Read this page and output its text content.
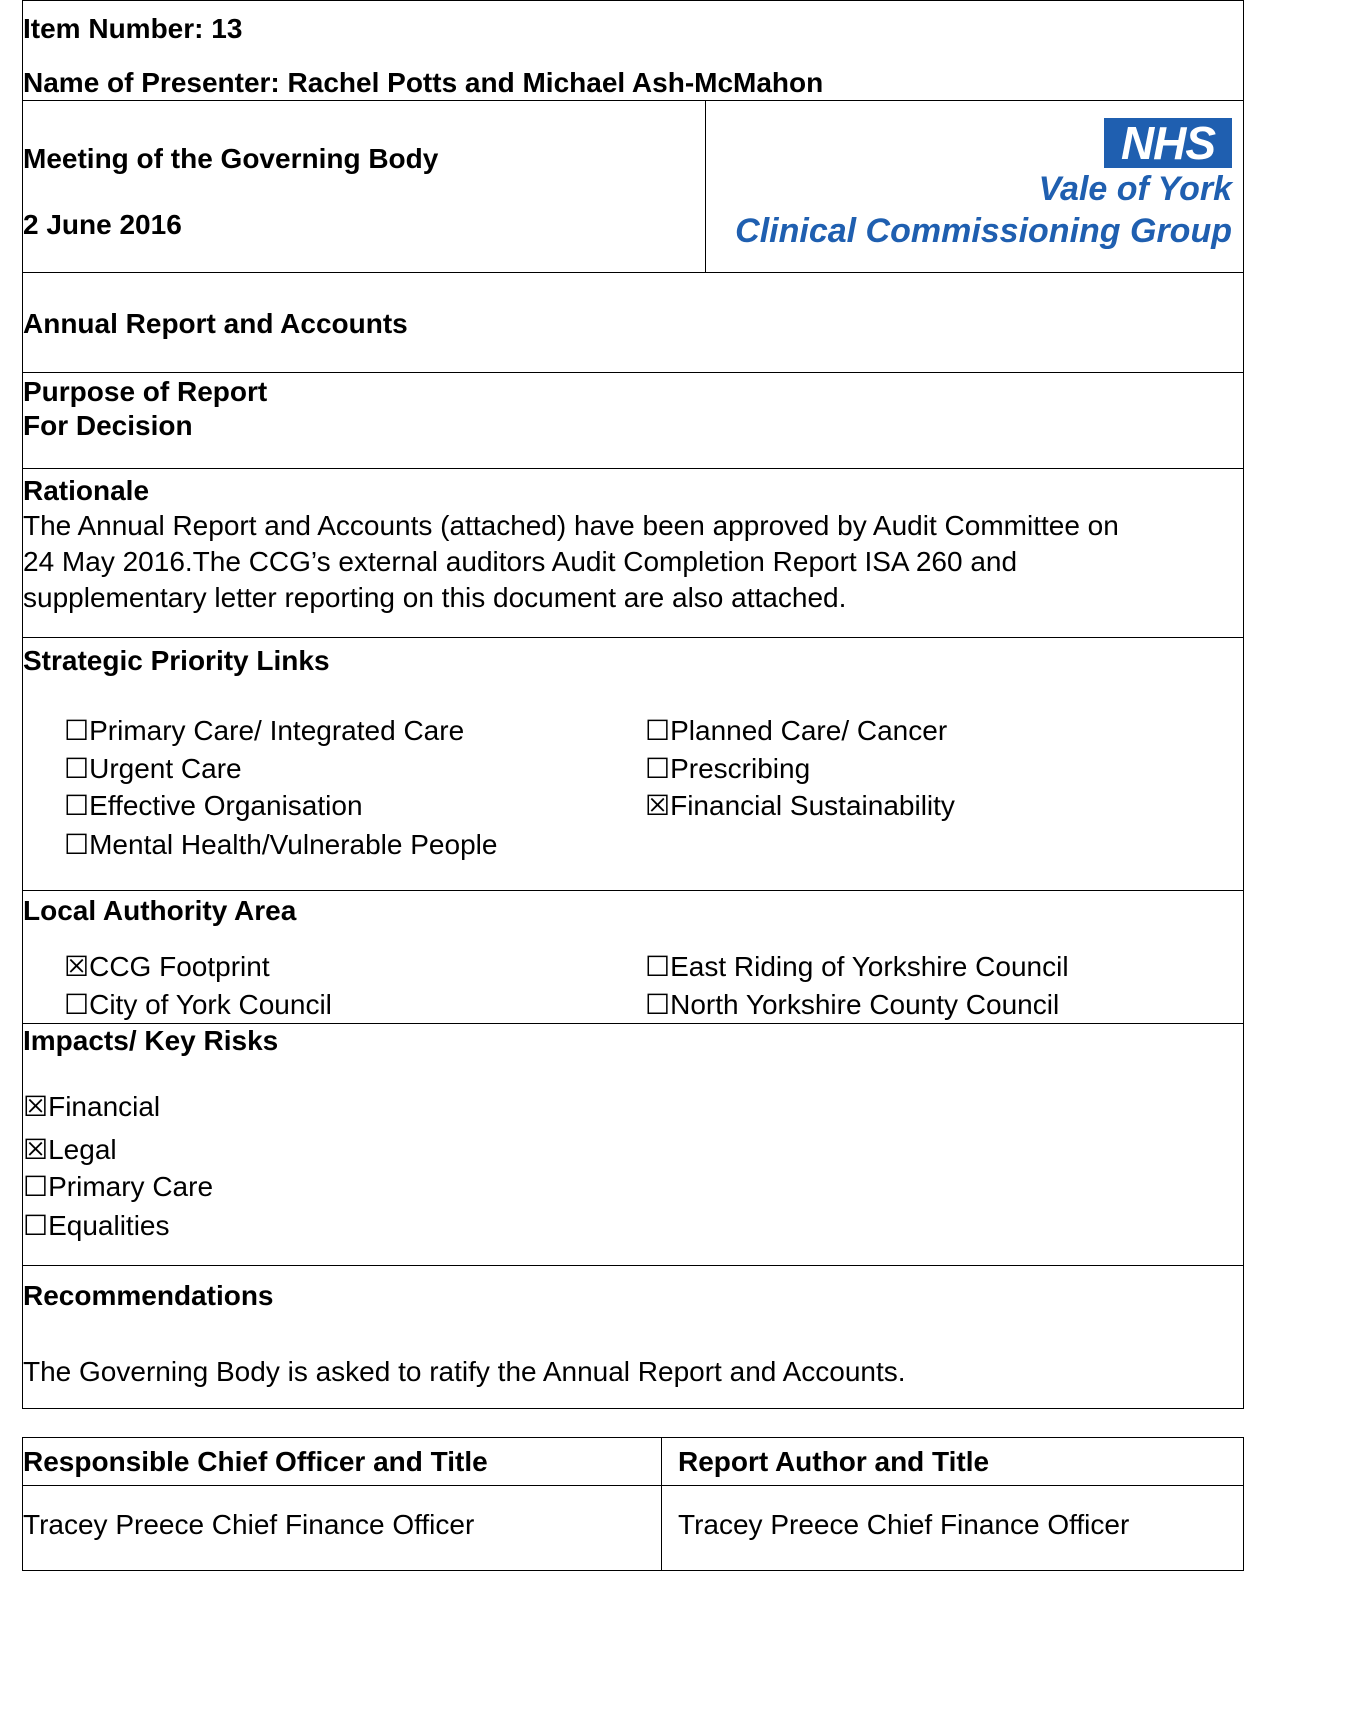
Item Number: 13
Name of Presenter: Rachel Potts and Michael Ash-McMahon
Meeting of the Governing Body
2 June 2016
NHS
Vale of York
Clinical Commissioning Group
Annual Report and Accounts
Purpose of Report
For Decision
Rationale
The Annual Report and Accounts (attached) have been approved by Audit Committee on
24 May 2016.The CCG’s external auditors Audit Completion Report ISA 260 and
supplementary letter reporting on this document are also attached.
Strategic Priority Links
☐Primary Care/ Integrated Care
☐Urgent Care
☐Effective Organisation
☐Mental Health/Vulnerable People
☐Planned Care/ Cancer
☐Prescribing
☒Financial Sustainability
Local Authority Area
☒CCG Footprint
☐City of York Council
☐East Riding of Yorkshire Council
☐North Yorkshire County Council
Impacts/ Key Risks
☒Financial
☒Legal
☐Primary Care
☐Equalities
Recommendations
The Governing Body is asked to ratify the Annual Report and Accounts.
Responsible Chief Officer and Title
Tracey Preece Chief Finance Officer
Report Author and Title
Tracey Preece Chief Finance Officer
